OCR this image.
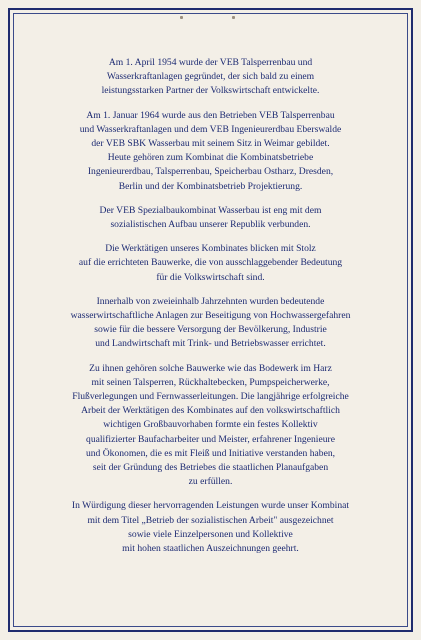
Am 1. April 1954 wurde der VEB Talsperrenbau und
Wasserkraftanlagen gegründet, der sich bald zu einem
leistungsstarken Partner der Volkswirtschaft entwickelte.

Am 1. Januar 1964 wurde aus den Betrieben VEB Talsperrenbau
und Wasserkraftanlagen und dem VEB Ingenieurerdbau Eberswalde
der VEB SBK Wasserbau mit seinem Sitz in Weimar gebildet.
Heute gehören zum Kombinat die Kombinatsbetriebe
Ingenieurerdbau, Talsperrenbau, Speicherbau Ostharz, Dresden,
Berlin und der Kombinatsbetrieb Projektierung.

Der VEB Spezialbaukombinat Wasserbau ist eng mit dem
sozialistischen Aufbau unserer Republik verbunden.

Die Werktätigen unseres Kombinates blicken mit Stolz
auf die errichteten Bauwerke, die von ausschlaggebender Bedeutung
für die Volkswirtschaft sind.

Innerhalb von zweieinhalb Jahrzehnten wurden bedeutende
wasserwirtschaftliche Anlagen zur Beseitigung von Hochwassergefahren
sowie für die bessere Versorgung der Bevölkerung, Industrie
und Landwirtschaft mit Trink- und Betriebswasser errichtet.

Zu ihnen gehören solche Bauwerke wie das Bodewerk im Harz
mit seinen Talsperren, Rückhaltebecken, Pumpspeicherwerke,
Flußverlegungen und Fernwasserleitungen. Die langjährige erfolgreiche
Arbeit der Werktätigen des Kombinates auf den volkswirtschaftlich
wichtigen Großbauvorhaben formte ein festes Kollektiv
qualifizierter Baufacharbeiter und Meister, erfahrener Ingenieure
und Ökonomen, die es mit Fleiß und Initiative verstanden haben,
seit der Gründung des Betriebes die staatlichen Planaufgaben
zu erfüllen.

In Würdigung dieser hervorragenden Leistungen wurde unser Kombinat
mit dem Titel „Betrieb der sozialistischen Arbeit" ausgezeichnet
sowie viele Einzelpersonen und Kollektive
mit hohen staatlichen Auszeichnungen geehrt.
